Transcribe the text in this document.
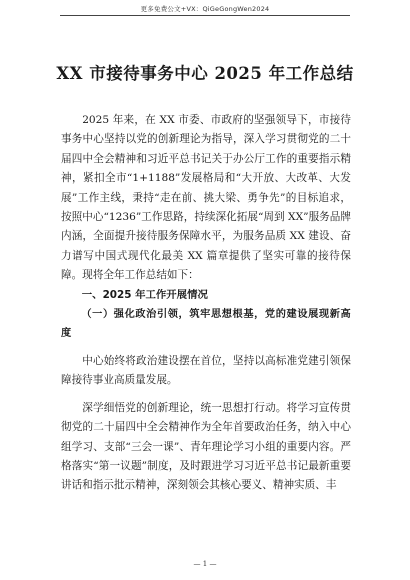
更多免费公文+VX：QiGeGongWen2024
XX 市接待事务中心 2025 年工作总结

2025 年来，在 XX 市委、市政府的坚强领导下，市接待事务中心坚持以党的创新理论为指导，深入学习贯彻党的二十届四中全会精神和习近平总书记关于办公厅工作的重要指示精神，紧扣全市“1+1188”发展格局和“大开放、大改革、大发展”工作主线，秉持“走在前、挑大梁、勇争先”的目标追求，按照中心“1236”工作思路，持续深化拓展“周到 XX”服务品牌内涵，全面提升接待服务保障水平，为服务品质 XX 建设、奋力谱写中国式现代化最美 XX 篇章提供了坚实可靠的接待保障。现将全年工作总结如下：

一、2025 年工作开展情况

（一）强化政治引领，筑牢思想根基，党的建设展现新高度

中心始终将政治建设摆在首位，坚持以高标准党建引领保障接待事业高质量发展。

深学细悟党的创新理论，统一思想打行动。将学习宣传贯彻党的二十届四中全会精神作为全年首要政治任务，纳入中心组学习、支部“三会一课”、青年理论学习小组的重要内容。严格落实“第一议题”制度，及时跟进学习习近平总书记最新重要讲话和指示批示精神，深刻领会其核心要义、精神实质、丰

— 1 —
